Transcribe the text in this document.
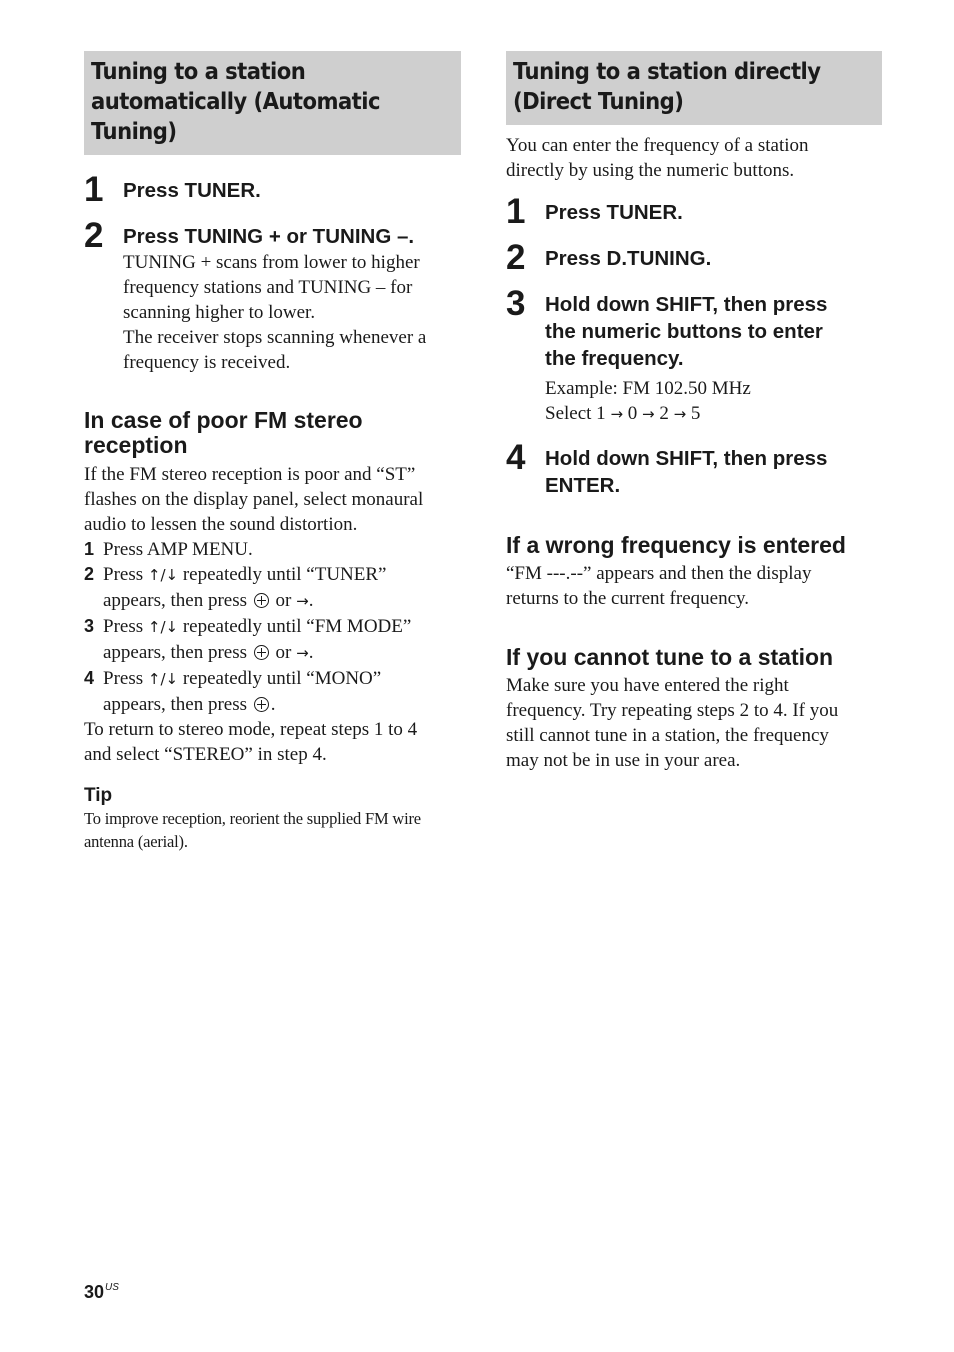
Tuning to a station
automatically (Automatic
Tuning)
1 Press TUNER.
2 Press TUNING + or TUNING –.
TUNING + scans from lower to higher
frequency stations and TUNING – for
scanning higher to lower.
The receiver stops scanning whenever a
frequency is received.
In case of poor FM stereo
reception
If the FM stereo reception is poor and “ST”
flashes on the display panel, select monaural
audio to lessen the sound distortion.
1 Press AMP MENU.
2 Press ↑/↓ repeatedly until “TUNER”
appears, then press or →.
3 Press ↑/↓ repeatedly until “FM MODE”
appears, then press or →.
4 Press ↑/↓ repeatedly until “MONO”
appears, then press .
To return to stereo mode, repeat steps 1 to 4
and select “STEREO” in step 4.
Tip
To improve reception, reorient the supplied FM wire
antenna (aerial).
Tuning to a station directly
(Direct Tuning)
You can enter the frequency of a station
directly by using the numeric buttons.
1 Press TUNER.
2 Press D.TUNING.
3 Hold down SHIFT, then press
the numeric buttons to enter
the frequency.
Example: FM 102.50 MHz
Select 1 → 0 → 2 → 5
4 Hold down SHIFT, then press
ENTER.
If a wrong frequency is entered
“FM ---.--” appears and then the display
returns to the current frequency.
If you cannot tune to a station
Make sure you have entered the right
frequency. Try repeating steps 2 to 4. If you
still cannot tune in a station, the frequency
may not be in use in your area.
$30^{US}$
